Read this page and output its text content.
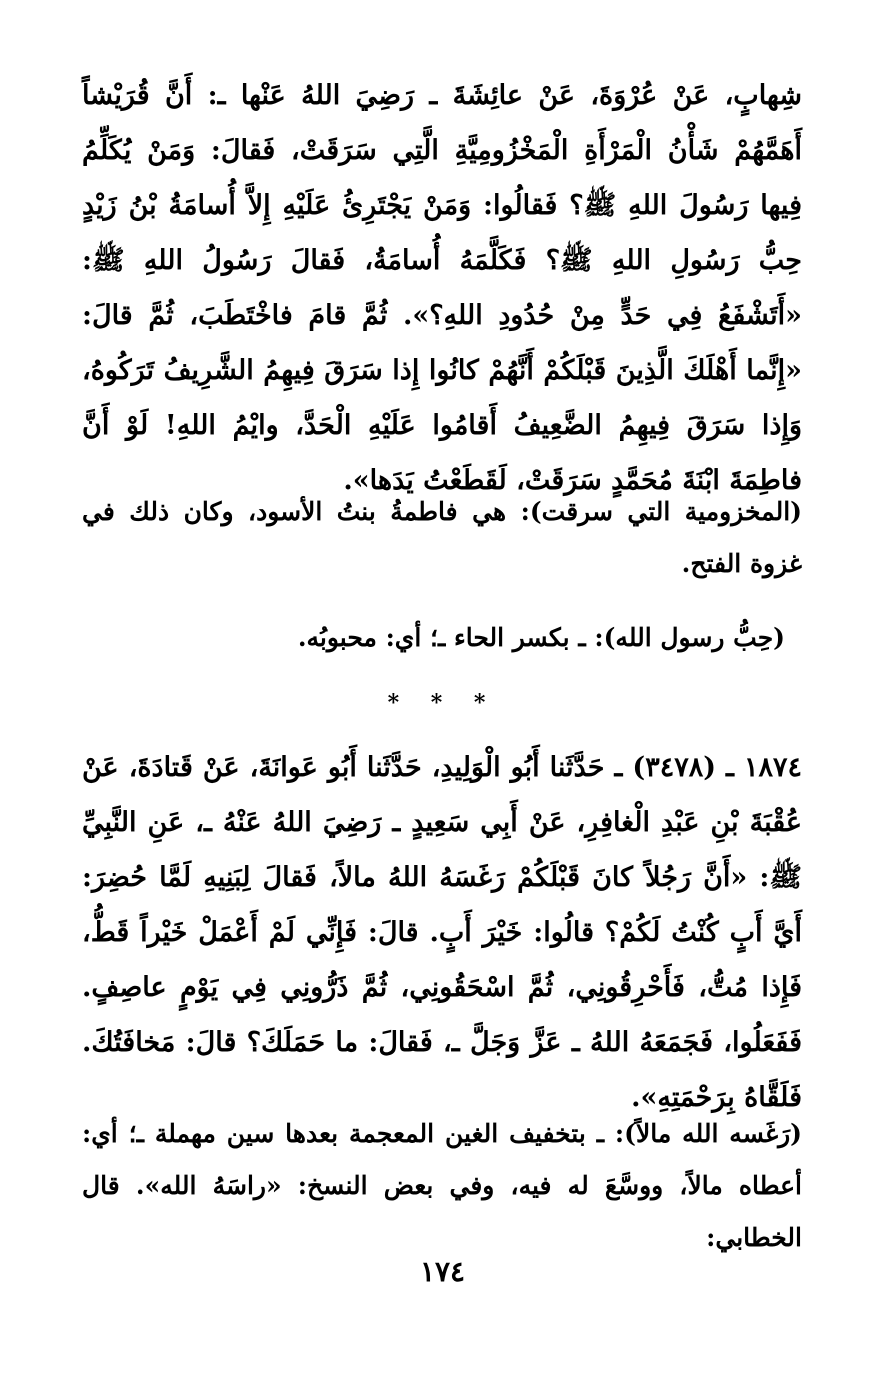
شِهابٍ، عَنْ عُرْوَةَ، عَنْ عائِشَةَ ـ رَضِيَ اللهُ عَنْها ـ: أَنَّ قُرَيْشاً أَهَمَّهُمْ شَأْنُ الْمَرْأَةِ الْمَخْزُومِيَّةِ الَّتِي سَرَقَتْ، فَقالَ: وَمَنْ يُكَلِّمُ فِيها رَسُولَ اللهِ ﷺ؟ فَقالُوا: وَمَنْ يَجْتَرِئُ عَلَيْهِ إِلاَّ أُسامَةُ بْنُ زَيْدٍ حِبُّ رَسُولِ اللهِ ﷺ؟ فَكَلَّمَهُ أُسامَةُ، فَقالَ رَسُولُ اللهِ ﷺ: «أَتَشْفَعُ فِي حَدٍّ مِنْ حُدُودِ اللهِ؟». ثُمَّ قامَ فاخْتَطَبَ، ثُمَّ قالَ: «إِنَّما أَهْلَكَ الَّذِينَ قَبْلَكُمْ أَنَّهُمْ كانُوا إِذا سَرَقَ فِيهِمُ الشَّرِيفُ تَرَكُوهُ، وَإِذا سَرَقَ فِيهِمُ الضَّعِيفُ أَقامُوا عَلَيْهِ الْحَدَّ، وايْمُ اللهِ! لَوْ أَنَّ فاطِمَةَ ابْنَةَ مُحَمَّدٍ سَرَقَتْ، لَقَطَعْتُ يَدَها».

(المخزومية التي سرقت): هي فاطمةُ بنتُ الأسود، وكان ذلك في غزوة الفتح.

(حِبُّ رسول الله): ـ بكسر الحاء ـ؛ أي: محبوبُه.

* * *

١٨٧٤ ـ (٣٤٧٨) ـ حَدَّثَنا أَبُو الْوَلِيدِ، حَدَّثَنا أَبُو عَوانَةَ، عَنْ قَتادَةَ، عَنْ عُقْبَةَ بْنِ عَبْدِ الْغافِرِ، عَنْ أَبِي سَعِيدٍ ـ رَضِيَ اللهُ عَنْهُ ـ، عَنِ النَّبِيِّ ﷺ: «أَنَّ رَجُلاً كانَ قَبْلَكُمْ رَغَسَهُ اللهُ مالاً، فَقالَ لِبَنِيهِ لَمَّا حُضِرَ: أَيَّ أَبٍ كُنْتُ لَكُمْ؟ قالُوا: خَيْرَ أَبٍ. قالَ: فَإِنِّي لَمْ أَعْمَلْ خَيْراً قَطُّ، فَإِذا مُتُّ، فَأَحْرِقُونِي، ثُمَّ اسْحَقُونِي، ثُمَّ ذَرُّونِي فِي يَوْمٍ عاصِفٍ. فَفَعَلُوا، فَجَمَعَهُ اللهُ ـ عَزَّ وَجَلَّ ـ، فَقالَ: ما حَمَلَكَ؟ قالَ: مَخافَتُكَ. فَلَقَّاهُ بِرَحْمَتِهِ».

(رَغَسه الله مالاً): ـ بتخفيف الغين المعجمة بعدها سين مهملة ـ؛ أي: أعطاه مالاً، ووسَّعَ له فيه، وفي بعض النسخ: «راسَهُ الله». قال الخطابي:

١٧٤
